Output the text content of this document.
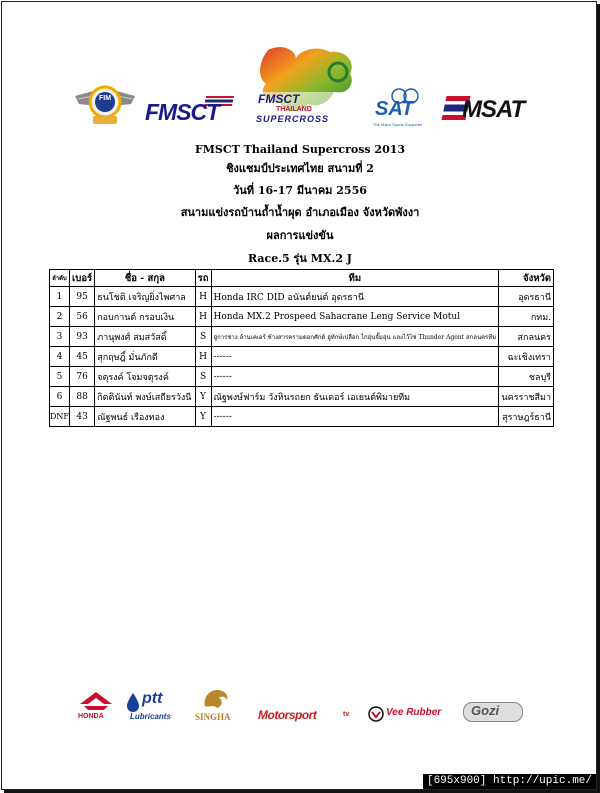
FIM
FMSCT	FMSCT
THAILAND
SUPERCROSS SAT
The Major Sports Supporter
MSAT
FMSCT Thailand Supercross 2013
ชิงแชมป์ประเทศไทย สนามที่ 2
วันที่ 16-17 มีนาคม 2556
สนามแข่งรถบ้านถ้ำน้ำผุด อำเภอเมือง จังหวัดพังงา
ผลการแข่งขัน
Race.5 รุ่น MX.2 J
ลำดับ	เบอร์	ชื่อ - สกุล	รถ	ทีม	จังหวัด
1	95	ธนโชติ เจริญยิ่งไพศาล	H	Honda IRC DID อนันต์ยนต์ อุดรธานี	อุดรธานี
2	56	กอบกานต์ กรอบเงิน	H	Honda MX.2 Prospeed Sahacrane Leng Service Motul	กทม.
3	93	ภานุพงศ์ สมสวัสดิ์	S	อู่การช่าง ล้านเคเอร์ ช้างสารครามดอกศักด์ อู่ทักษ์เปลือก ไก่อุ่นจั๊มอุ่น แลงไว้ไซ่ Thunder Agent สกลนครทีม	สกลนคร
4	45	สุกฤษฎิ์ มั่นภักดี	H	------	ฉะเชิงเทรา
5	76	จตุรงค์ โจมจตุรงค์	S	------	ชลบุรี
6	88	กิตตินันท์ พงษ์เสถียรวังนี	Y	ณัฐพงษ์ฟาร์ม วังหินรถยก ธันเดอร์ เอเยนต์พิมายทีม	นครราชสีมา
DNF	43	ณัฐพนธ์ เรืองทอง	Y	------	สุราษฎร์ธานี
HONDA
ptt
Lubricants	SINGHA Motorsport	tv	Vee Rubber Gozi
[695x900] http://upic.me/
